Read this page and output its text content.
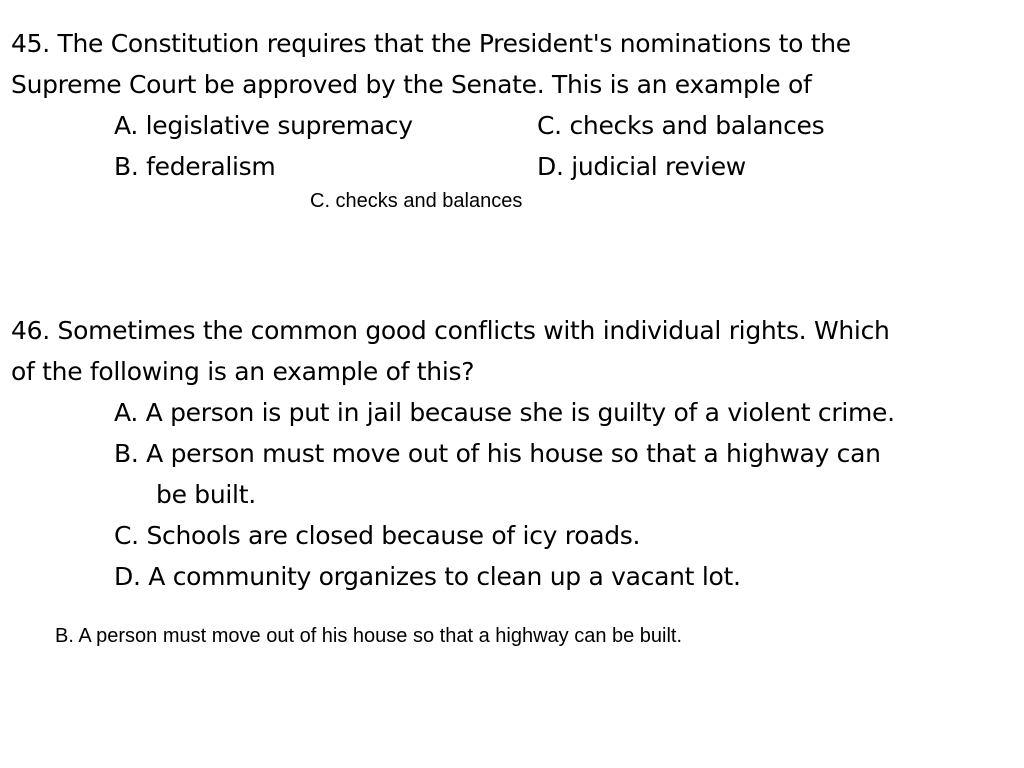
45. The Constitution requires that the President's nominations to the
Supreme Court be approved by the Senate. This is an example of
A. legislative supremacy	C. checks and balances
B. federalism	D. judicial review
C. checks and balances
46. Sometimes the common good conflicts with individual rights. Which
of the following is an example of this?
A. A person is put in jail because she is guilty of a violent crime.
B. A person must move out of his house so that a highway can
be built.
C. Schools are closed because of icy roads.
D. A community organizes to clean up a vacant lot.
B. A person must move out of his house so that a highway can be built.
